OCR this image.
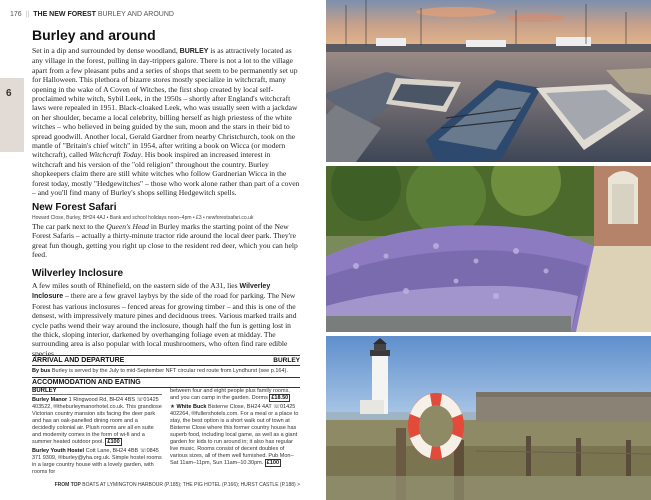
176 || THE NEW FOREST BURLEY AND AROUND
6
Burley and around

Set in a dip and surrounded by dense woodland, BURLEY is as attractively located as any village in the forest, pulling in day-trippers galore. There is not a lot to the village apart from a few pleasant pubs and a series of shops that seem to be permanently set up for Halloween. This plethora of bizarre stores mostly specialize in witchcraft, many opening in the wake of A Coven of Witches, the first shop created by local self-proclaimed white witch, Sybil Leek, in the 1950s – shortly after England's witchcraft laws were repealed in 1951. Black-cloaked Leek, who was usually seen with a jackdaw on her shoulder, became a local celebrity, billing herself as high priestess of the white witches – who believed in being guided by the sun, moon and the stars in their bid to spread goodwill. Another local, Gerald Gardner from nearby Christchurch, took on the mantle of "Britain's chief witch" in 1954, after writing a book on Wicca (or modern witchcraft), called Witchcraft Today. His book inspired an increased interest in witchcraft and his version of the "old religion" throughout the country. Burley shopkeepers claim there are still white witches who follow Gardnerian Wicca in the forest today, mostly "Hedgewitches" – those who work alone rather than part of a coven – and you'll find many of Burley's shops selling Hedgewitch spells.

New Forest Safari
Howard Close, Burley, BH24 4AJ • Bank and school holidays noon–4pm • £3 • newforestsafari.co.uk

The car park next to the Queen's Head in Burley marks the starting point of the New Forest Safaris – actually a thirty-minute tractor ride around the local deer park. They're great fun though, getting you right up close to the resident red deer, which you can help feed.

Wilverley Inclosure

A few miles south of Rhinefield, on the eastern side of the A31, lies Wilverley Inclosure – there are a few gravel laybys by the side of the road for parking. The New Forest has various inclosures – fenced areas for growing timber – and this is one of the densest, with impressively mature pines and deciduous trees. Various marked trails and cycle paths wend their way around the inclosure, though half the fun is getting lost in the thick, sloping interior, darkened by overhanging foliage even at midday. The surrounding area is also popular with local mushroomers, who often find rare edible species.

ARRIVAL AND DEPARTURE	BURLEY

By bus Burley is served by the July to mid-September NFT circular red route from Lyndhurst (see p.164).

ACCOMMODATION AND EATING
BURLEY

Burley Manor 1 Ringwood Rd, BH24 4BS ☏01425 403522, ✉theburleymanorhotel.co.uk. This grandiose Victorian country mansion sits facing the deer park and has an oak-panelled dining room and a decidedly colonial air. Plush rooms are all en suite and modernity comes in the form of wi-fi and a summer heated outdoor pool. £100

Burley Youth Hostel Cott Lane, BH24 4BB ☏0845 371 9309, ✉burley@yha.org.uk. Simple hostel rooms in a large country house with a lovely garden, with rooms for

between four and eight people plus family rooms, and you can camp in the garden. Dorms £18.50

★ White Buck Bisterne Close, BH24 4AT ☏01425 402264, ✉fullershotels.com. For a meal or a place to stay, the best option is a short walk out of town at Bisterne Close where this former country house has superb food, including local game, as well as a giant garden for kids to run around in; it also has regular live music. Rooms consist of decent doubles of various sizes, all of them well furnished. Pub Mon–Sat 11am–11pm, Sun 11am–10.30pm. £100

FROM TOP BOATS AT LYMINGTON HARBOUR (P.185); THE PIG HOTEL (P.166); HURST CASTLE (P.188) >
